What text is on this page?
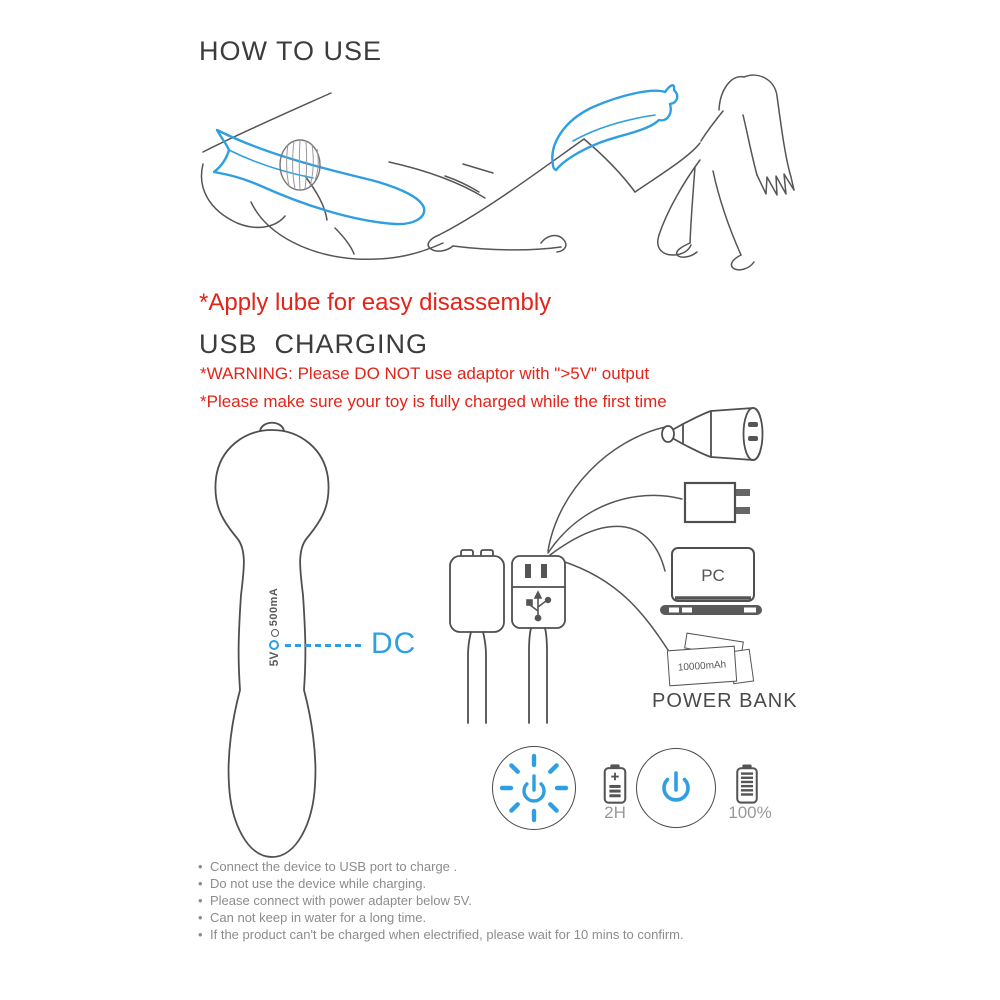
HOW TO USE
*Apply lube for easy disassembly
USB  CHARGING
*WARNING: Please DO NOT use adaptor with ">5V" output
*Please make sure your toy is fully charged while the first time
500mA
5V	DC
PC
10000mAh
POWER BANK
2H	100%
• Connect the device to USB port to charge .
• Do not use the device while charging.
• Please connect with power adapter below 5V.
• Can not keep in water for a long time.
• If the product can't be charged when electrified, please wait for 10 mins to confirm.
